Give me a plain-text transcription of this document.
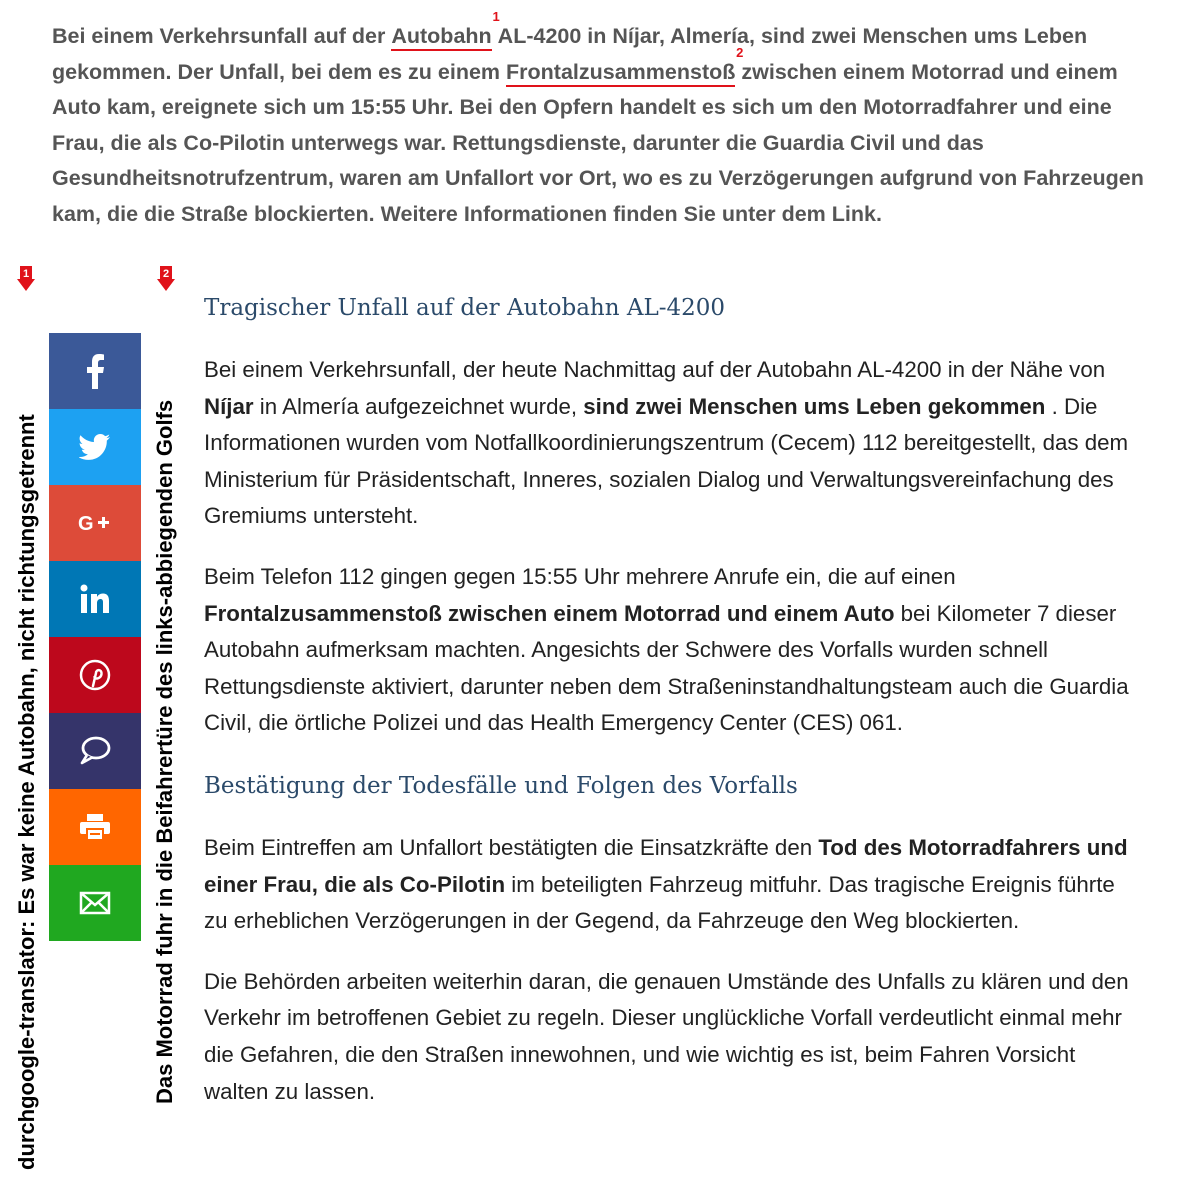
Bei einem Verkehrsunfall auf der Autobahn
1
AL-4200 in Níjar, Almería, sind zwei Menschen ums Leben gekommen. Der Unfall, bei dem es zu einem Frontalzusammenstoß
2
zwischen einem Motorrad und einem Auto kam, ereignete sich um 15:55 Uhr. Bei den Opfern handelt es sich um den Motorradfahrer und eine Frau, die als Co-Pilotin unterwegs war. Rettungsdienste, darunter die Guardia Civil und das Gesundheitsnotrufzentrum, waren am Unfallort vor Ort, wo es zu Verzögerungen aufgrund von Fahrzeugen kam, die die Straße blockierten. Weitere Informationen finden Sie unter dem Link.
1
durchgoogle-translator: Es war keine Autobahn, nicht richtungsgetrennt
2
Das Motorrad fuhr in die Beifahrertüre des links-abbiegenden Golfs
G
Tragischer Unfall auf der Autobahn AL-4200

Bei einem Verkehrsunfall, der heute Nachmittag auf der Autobahn AL-4200 in der Nähe von Níjar in Almería aufgezeichnet wurde, sind zwei Menschen ums Leben gekommen . Die Informationen wurden vom Notfallkoordinierungszentrum (Cecem) 112 bereitgestellt, das dem Ministerium für Präsidentschaft, Inneres, sozialen Dialog und Verwaltungsvereinfachung des Gremiums untersteht.

Beim Telefon 112 gingen gegen 15:55 Uhr mehrere Anrufe ein, die auf einen Frontalzusammenstoß zwischen einem Motorrad und einem Auto bei Kilometer 7 dieser Autobahn aufmerksam machten. Angesichts der Schwere des Vorfalls wurden schnell Rettungsdienste aktiviert, darunter neben dem Straßeninstandhaltungsteam auch die Guardia Civil, die örtliche Polizei und das Health Emergency Center (CES) 061.

Bestätigung der Todesfälle und Folgen des Vorfalls

Beim Eintreffen am Unfallort bestätigten die Einsatzkräfte den Tod des Motorradfahrers und einer Frau, die als Co-Pilotin im beteiligten Fahrzeug mitfuhr. Das tragische Ereignis führte zu erheblichen Verzögerungen in der Gegend, da Fahrzeuge den Weg blockierten.

Die Behörden arbeiten weiterhin daran, die genauen Umstände des Unfalls zu klären und den Verkehr im betroffenen Gebiet zu regeln. Dieser unglückliche Vorfall verdeutlicht einmal mehr die Gefahren, die den Straßen innewohnen, und wie wichtig es ist, beim Fahren Vorsicht walten zu lassen.
